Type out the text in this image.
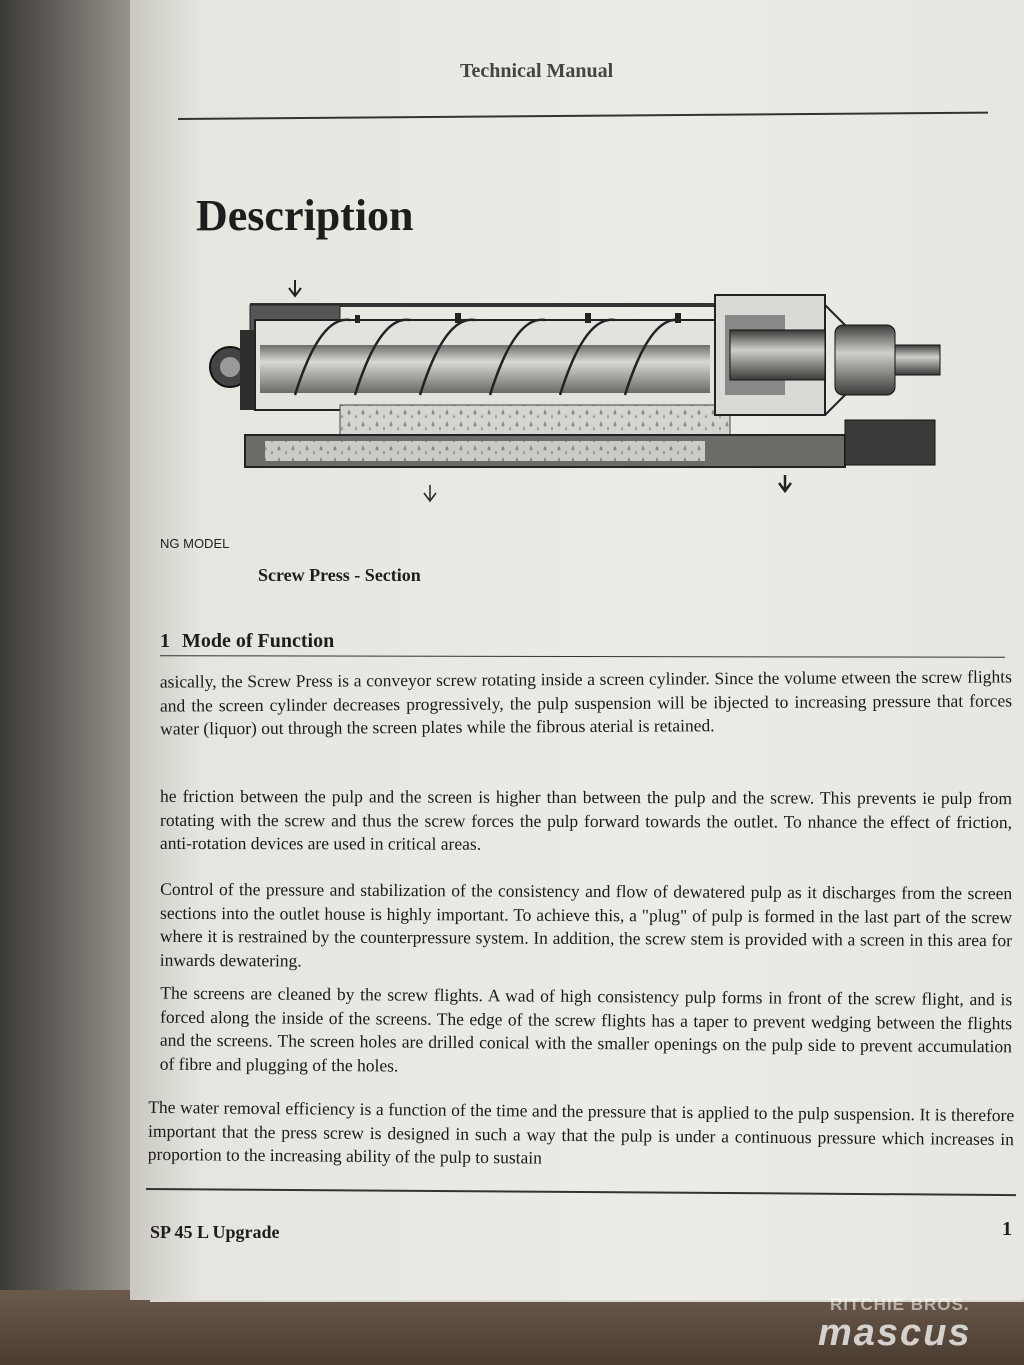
Technical Manual
Description
NG MODEL
Screw Press - Section
1 Mode of Function

asically, the Screw Press is a conveyor screw rotating inside a screen cylinder. Since the volume etween the screw flights and the screen cylinder decreases progressively, the pulp suspension will be ibjected to increasing pressure that forces water (liquor) out through the screen plates while the fibrous aterial is retained.

he friction between the pulp and the screen is higher than between the pulp and the screw. This prevents ie pulp from rotating with the screw and thus the screw forces the pulp forward towards the outlet. To nhance the effect of friction, anti-rotation devices are used in critical areas.

Control of the pressure and stabilization of the consistency and flow of dewatered pulp as it discharges from the screen sections into the outlet house is highly important. To achieve this, a "plug" of pulp is formed in the last part of the screw where it is restrained by the counterpressure system. In addition, the screw stem is provided with a screen in this area for inwards dewatering.

The screens are cleaned by the screw flights. A wad of high consistency pulp forms in front of the screw flight, and is forced along the inside of the screens. The edge of the screw flights has a taper to prevent wedging between the flights and the screens. The screen holes are drilled conical with the smaller openings on the pulp side to prevent accumulation of fibre and plugging of the holes.

The water removal efficiency is a function of the time and the pressure that is applied to the pulp suspension. It is therefore important that the press screw is designed in such a way that the pulp is under a continuous pressure which increases in proportion to the increasing ability of the pulp to sustain

SP 45 L Upgrade	1
RITCHIE BROS.
mascus
